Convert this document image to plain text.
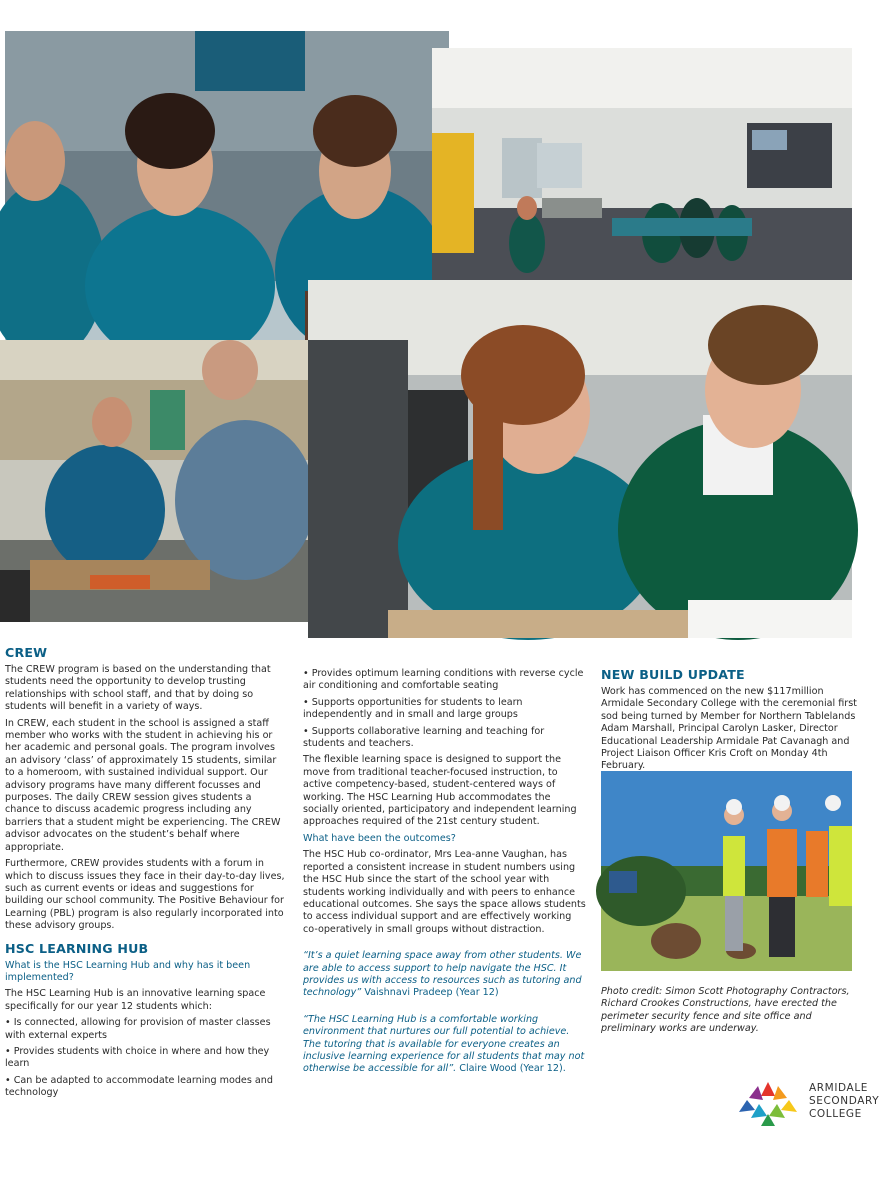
CREW

The CREW program is based on the understanding that students need the opportunity to develop trusting relationships with school staff, and that by doing so students will benefit in a variety of ways.

In CREW, each student in the school is assigned a staff member who works with the student in achieving his or her academic and personal goals. The program involves an advisory ‘class’ of approximately 15 students, similar to a homeroom, with sustained individual support. Our advisory programs have many different focusses and purposes. The daily CREW session gives students a chance to discuss academic progress including any barriers that a student might be experiencing. The CREW advisor advocates on the student’s behalf where appropriate.

Furthermore, CREW provides students with a forum in which to discuss issues they face in their day-to-day lives, such as current events or ideas and suggestions for building our school community. The Positive Behaviour for Learning (PBL) program is also regularly incorporated into these advisory groups.

HSC LEARNING HUB

What is the HSC Learning Hub and why has it been implemented?

The HSC Learning Hub is an innovative learning space specifically for our year 12 students which:

• Is connected, allowing for provision of master classes with external experts

• Provides students with choice in where and how they learn

• Can be adapted to accommodate learning modes and technology

• Provides optimum learning conditions with reverse cycle air conditioning and comfortable seating

• Supports opportunities for students to learn independently and in small and large groups

• Supports collaborative learning and teaching for students and teachers.

The flexible learning space is designed to support the move from traditional teacher-focused instruction, to active competency-based, student-centered ways of working. The HSC Learning Hub accommodates the socially oriented, participatory and independent learning approaches required of the 21st century student.

What have been the outcomes?

The HSC Hub co-ordinator, Mrs Lea-anne Vaughan, has reported a consistent increase in student numbers using the HSC Hub since the start of the school year with students working individually and with peers to enhance educational outcomes. She says the space allows students to access individual support and are effectively working co-operatively in small groups without distraction.

“It’s a quiet learning space away from other students. We are able to access support to help navigate the HSC. It provides us with access to resources such as tutoring and technology” Vaishnavi Pradeep (Year 12)

“The HSC Learning Hub is a comfortable working environment that nurtures our full potential to achieve. The tutoring that is available for everyone creates an inclusive learning experience for all students that may not otherwise be accessible for all”. Claire Wood (Year 12).

NEW BUILD UPDATE

Work has commenced on the new $117million Armidale Secondary College with the ceremonial first sod being turned by Member for Northern Tablelands Adam Marshall, Principal Carolyn Lasker, Director Educational Leadership Armidale Pat Cavanagh and Project Liaison Officer Kris Croft on Monday 4th February.

Photo credit: Simon Scott Photography Contractors, Richard Crookes Constructions, have erected the perimeter security fence and site office and preliminary works are underway.

ARMIDALE
SECONDARY
COLLEGE
